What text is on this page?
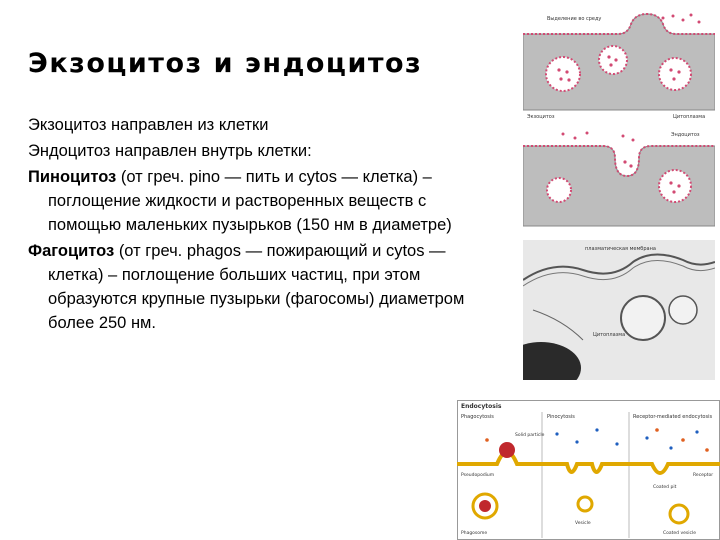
Экзоцитоз и эндоцитоз

Экзоцитоз направлен из клетки

Эндоцитоз направлен внутрь клетки:

Пиноцитоз (от греч. pino — пить и cytos — клетка) – поглощение жидкости и растворенных веществ с помощью маленьких пузырьков (150 нм в диаметре)

Фагоцитоз (от греч. phagos — пожирающий и cytos — клетка) – поглощение больших частиц, при этом образуются крупные пузырьки (фагосомы) диаметром более 250 нм.

Выделение во среду
Экзоцитоз	Цитоплазма
Эндоцитоз
плазматическая мембрана
Цитоплазма
Endocytosis
Phagocytosis	Pinocytosis	Receptor-mediated endocytosis
Solid particle
Pseudopodium
Phagosome
Vesicle
Receptor
Coated pit
Coated vesicle
